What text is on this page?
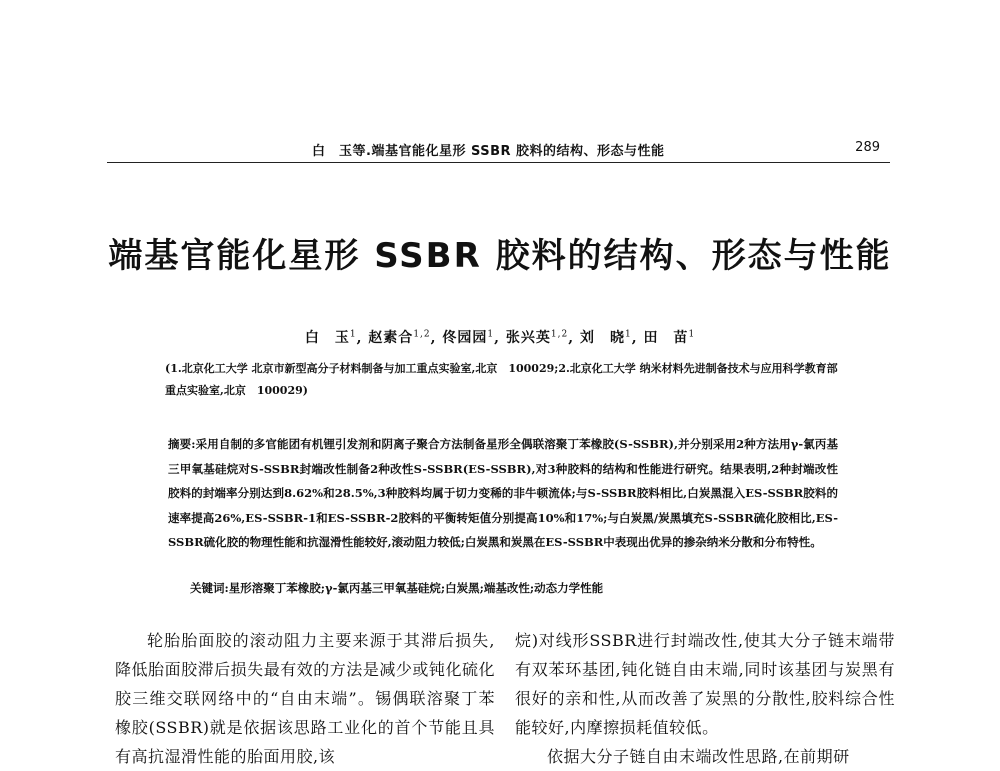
白　玉等.端基官能化星形 SSBR 胶料的结构、形态与性能	289
端基官能化星形 SSBR 胶料的结构、形态与性能
白　玉$^1$, 赵素合$^{1,2}$, 佟园园$^1$, 张兴英$^{1,2}$, 刘　晓$^1$, 田　苗$^1$
(1.北京化工大学 北京市新型高分子材料制备与加工重点实验室,北京　100029;2.北京化工大学 纳米材料先进制备技术与应用科学教育部重点实验室,北京　100029)
摘要:采用自制的多官能团有机锂引发剂和阴离子聚合方法制备星形全偶联溶聚丁苯橡胶(S-SSBR),并分别采用2种方法用γ-氯丙基三甲氧基硅烷对S-SSBR封端改性制备2种改性S-SSBR(ES-SSBR),对3种胶料的结构和性能进行研究。结果表明,2种封端改性胶料的封端率分别达到8.62%和28.5%,3种胶料均属于切力变稀的非牛顿流体;与S-SSBR胶料相比,白炭黑混入ES-SSBR胶料的速率提高26%,ES-SSBR-1和ES-SSBR-2胶料的平衡转矩值分别提高10%和17%;与白炭黑/炭黑填充S-SSBR硫化胶相比,ES-SSBR硫化胶的物理性能和抗湿滑性能较好,滚动阻力较低;白炭黑和炭黑在ES-SSBR中表现出优异的掺杂纳米分散和分布特性。
关键词:星形溶聚丁苯橡胶;γ-氯丙基三甲氧基硅烷;白炭黑;端基改性;动态力学性能

轮胎胎面胶的滚动阻力主要来源于其滞后损失,降低胎面胶滞后损失最有效的方法是减少或钝化硫化胶三维交联网络中的“自由末端”。锡偶联溶聚丁苯橡胶(SSBR)就是依据该思路工业化的首个节能且具有高抗湿滑性能的胎面用胶,该

烷)对线形SSBR进行封端改性,使其大分子链末端带有双苯环基团,钝化链自由末端,同时该基团与炭黑有很好的亲和性,从而改善了炭黑的分散性,胶料综合性能较好,内摩擦损耗值较低。

依据大分子链自由末端改性思路,在前期研
